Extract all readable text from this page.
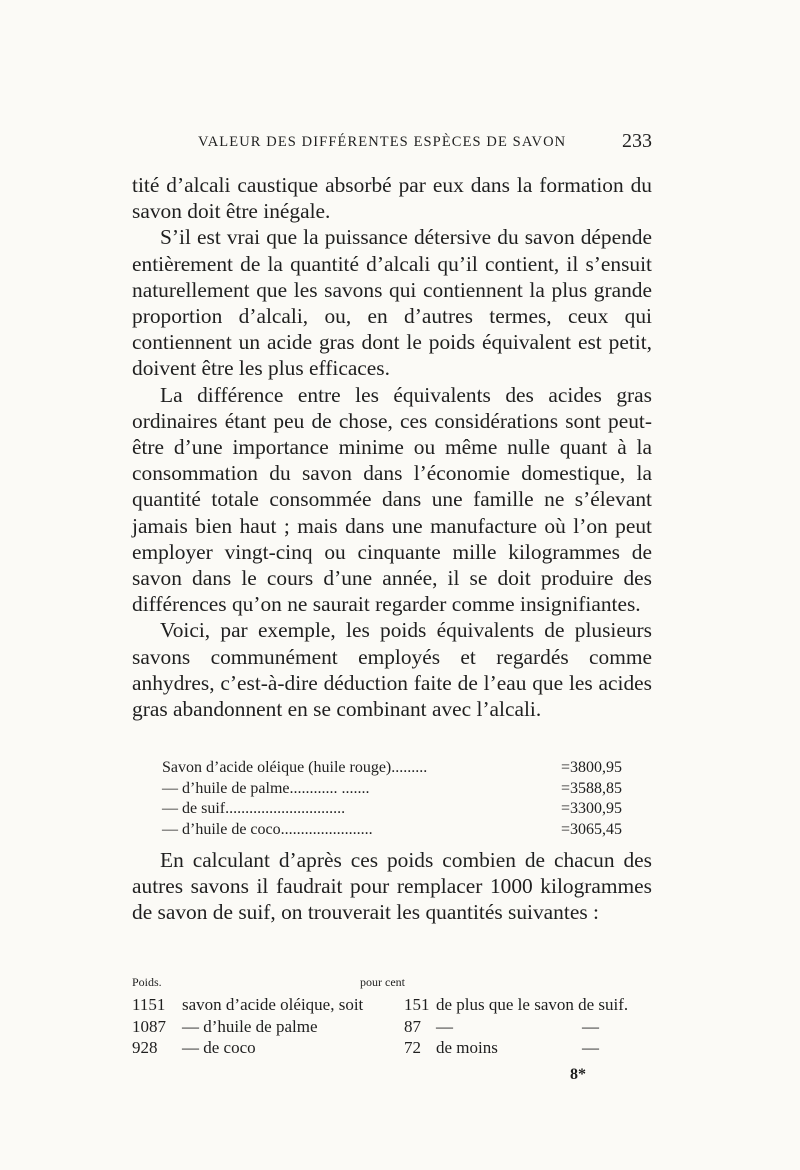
VALEUR DES DIFFÉRENTES ESPÈCES DE SAVON	233

tité d’alcali caustique absorbé par eux dans la formation du savon doit être inégale.

S’il est vrai que la puissance détersive du savon dépende entièrement de la quantité d’alcali qu’il contient, il s’ensuit naturellement que les savons qui contiennent la plus grande proportion d’alcali, ou, en d’autres termes, ceux qui contiennent un acide gras dont le poids équivalent est petit, doivent être les plus efficaces.

La différence entre les équivalents des acides gras ordinaires étant peu de chose, ces considérations sont peut-être d’une importance minime ou même nulle quant à la consommation du savon dans l’économie domestique, la quantité totale consommée dans une famille ne s’élevant jamais bien haut ; mais dans une manufacture où l’on peut employer vingt-cinq ou cinquante mille kilogrammes de savon dans le cours d’une année, il se doit produire des différences qu’on ne saurait regarder comme insignifiantes.

Voici, par exemple, les poids équivalents de plusieurs savons communément employés et regardés comme anhydres, c’est-à-dire déduction faite de l’eau que les acides gras abandonnent en se combinant avec l’alcali.

Savon d’acide oléique (huile rouge).........	=3800,95
— d’huile de palme............ .......	=3588,85
— de suif..............................	=3300,95
— d’huile de coco.......................	=3065,45

En calculant d’après ces poids combien de chacun des autres savons il faudrait pour remplacer 1000 kilogrammes de savon de suif, on trouverait les quantités suivantes :

Poids.	pour cent
1151 savon d’acide oléique, soit 151 de plus que le savon de suif.
1087 — d’huile de palme	87 —	—
928 — de coco	72 de moins	—
8*
